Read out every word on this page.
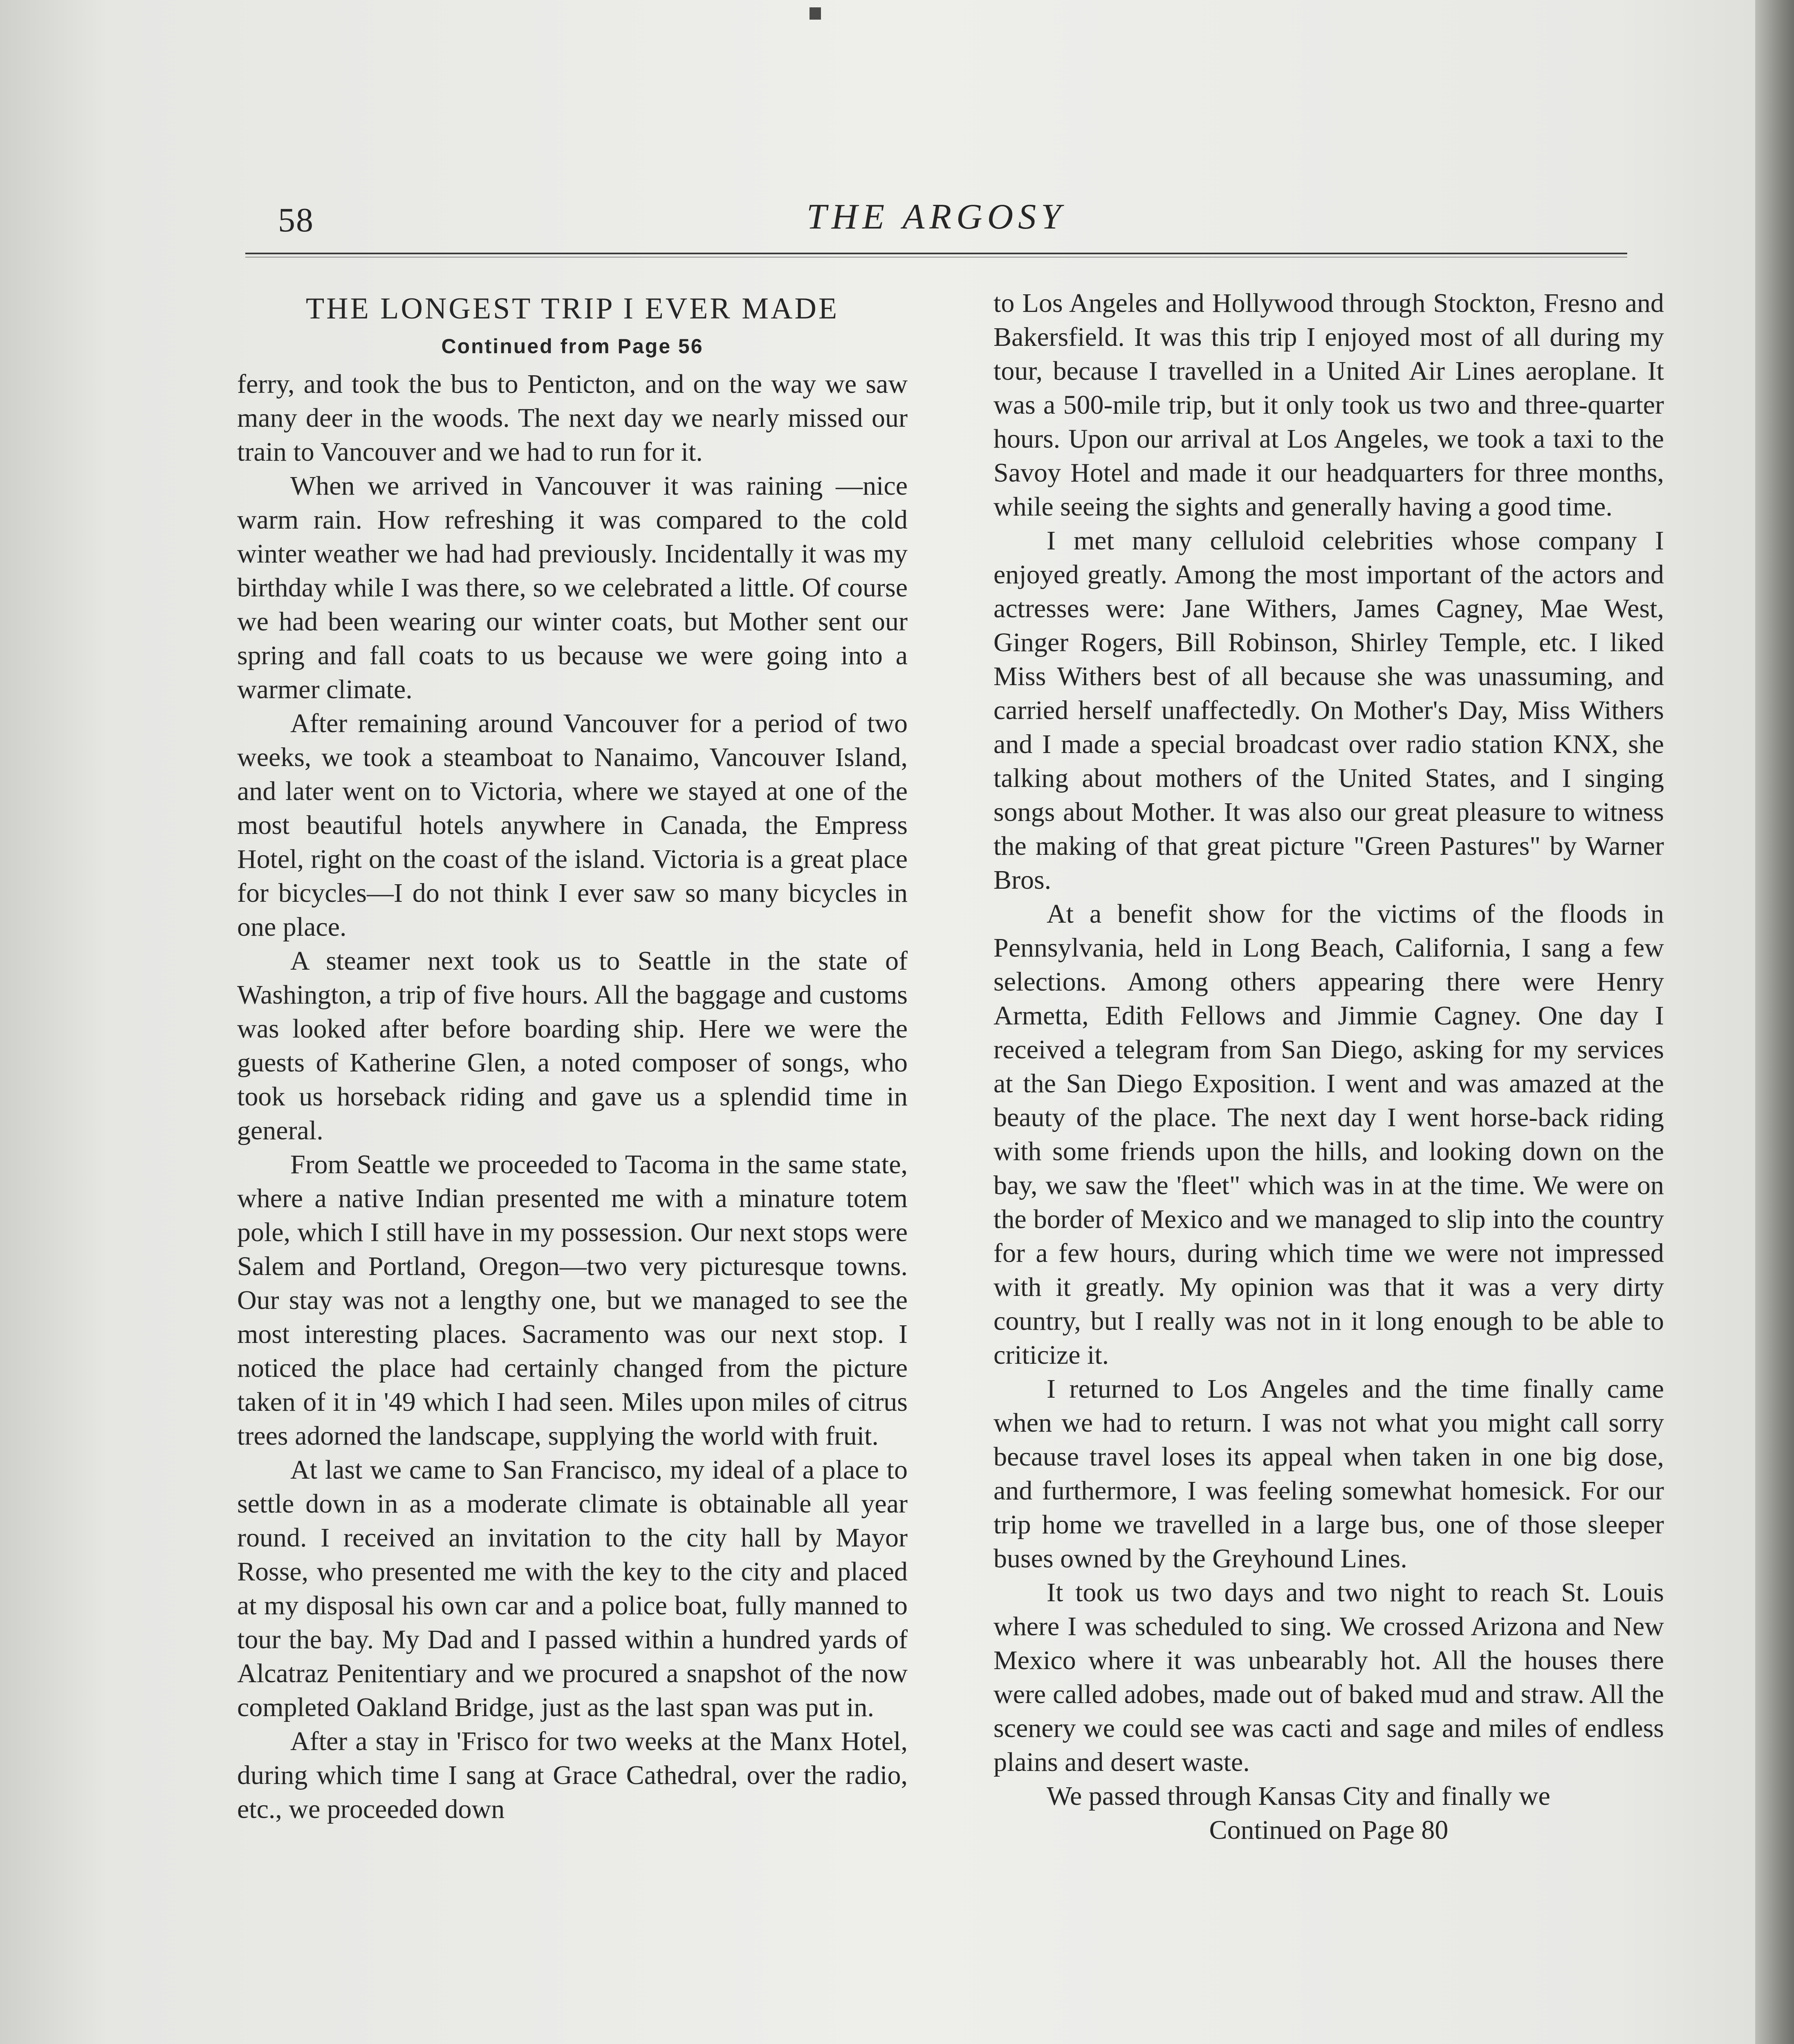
58	THE ARGOSY
THE LONGEST TRIP I EVER MADE
Continued from Page 56

ferry, and took the bus to Penticton, and on the way we saw many deer in the woods. The next day we nearly missed our train to Vancouver and we had to run for it.

When we arrived in Vancouver it was raining —nice warm rain. How refreshing it was compared to the cold winter weather we had had previously. Incidentally it was my birthday while I was there, so we celebrated a little. Of course we had been wearing our winter coats, but Mother sent our spring and fall coats to us because we were going into a warmer climate.

After remaining around Vancouver for a period of two weeks, we took a steamboat to Nanaimo, Vancouver Island, and later went on to Victoria, where we stayed at one of the most beautiful hotels anywhere in Canada, the Empress Hotel, right on the coast of the island. Victoria is a great place for bicycles—I do not think I ever saw so many bicycles in one place.

A steamer next took us to Seattle in the state of Washington, a trip of five hours. All the baggage and customs was looked after before boarding ship. Here we were the guests of Katherine Glen, a noted composer of songs, who took us horseback riding and gave us a splendid time in general.

From Seattle we proceeded to Tacoma in the same state, where a native Indian presented me with a minature totem pole, which I still have in my possession. Our next stops were Salem and Portland, Oregon—two very picturesque towns. Our stay was not a lengthy one, but we managed to see the most interesting places. Sacramento was our next stop. I noticed the place had certainly changed from the picture taken of it in '49 which I had seen. Miles upon miles of citrus trees adorned the landscape, supplying the world with fruit.

At last we came to San Francisco, my ideal of a place to settle down in as a moderate climate is obtainable all year round. I received an invitation to the city hall by Mayor Rosse, who presented me with the key to the city and placed at my disposal his own car and a police boat, fully manned to tour the bay. My Dad and I passed within a hundred yards of Alcatraz Penitentiary and we procured a snapshot of the now completed Oakland Bridge, just as the last span was put in.

After a stay in 'Frisco for two weeks at the Manx Hotel, during which time I sang at Grace Cathedral, over the radio, etc., we proceeded down

to Los Angeles and Hollywood through Stockton, Fresno and Bakersfield. It was this trip I enjoyed most of all during my tour, because I travelled in a United Air Lines aeroplane. It was a 500-mile trip, but it only took us two and three-quarter hours. Upon our arrival at Los Angeles, we took a taxi to the Savoy Hotel and made it our headquarters for three months, while seeing the sights and generally having a good time.

I met many celluloid celebrities whose company I enjoyed greatly. Among the most important of the actors and actresses were: Jane Withers, James Cagney, Mae West, Ginger Rogers, Bill Robinson, Shirley Temple, etc. I liked Miss Withers best of all because she was unassuming, and carried herself unaffectedly. On Mother's Day, Miss Withers and I made a special broadcast over radio station KNX, she talking about mothers of the United States, and I singing songs about Mother. It was also our great pleasure to witness the making of that great picture "Green Pastures" by Warner Bros.

At a benefit show for the victims of the floods in Pennsylvania, held in Long Beach, California, I sang a few selections. Among others appearing there were Henry Armetta, Edith Fellows and Jimmie Cagney. One day I received a telegram from San Diego, asking for my services at the San Diego Exposition. I went and was amazed at the beauty of the place. The next day I went horse-back riding with some friends upon the hills, and looking down on the bay, we saw the 'fleet" which was in at the time. We were on the border of Mexico and we managed to slip into the country for a few hours, during which time we were not impressed with it greatly. My opinion was that it was a very dirty country, but I really was not in it long enough to be able to criticize it.

I returned to Los Angeles and the time finally came when we had to return. I was not what you might call sorry because travel loses its appeal when taken in one big dose, and furthermore, I was feeling somewhat homesick. For our trip home we travelled in a large bus, one of those sleeper buses owned by the Greyhound Lines.

It took us two days and two night to reach St. Louis where I was scheduled to sing. We crossed Arizona and New Mexico where it was unbearably hot. All the houses there were called adobes, made out of baked mud and straw. All the scenery we could see was cacti and sage and miles of endless plains and desert waste.

We passed through Kansas City and finally we

Continued on Page 80
